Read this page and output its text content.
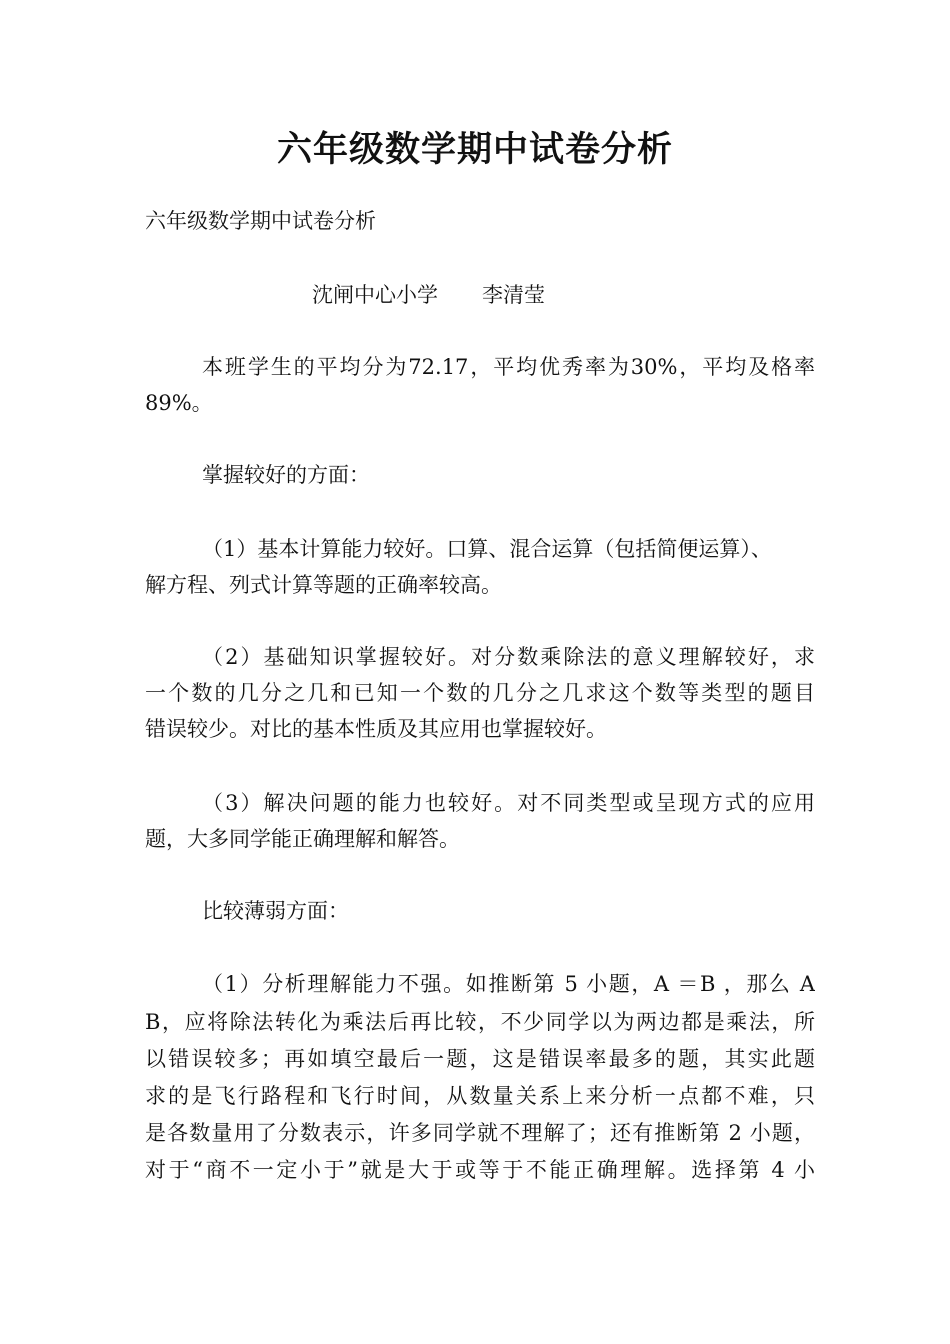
六年级数学期中试卷分析
六年级数学期中试卷分析
沈闸中心小学 李清莹
本班学生的平均分为72.17，平均优秀率为30%，平均及格率
89%。
掌握较好的方面：
（1）基本计算能力较好。口算、混合运算（包括简便运算）、
解方程、列式计算等题的正确率较高。
（2）基础知识掌握较好。对分数乘除法的意义理解较好，求
一个数的几分之几和已知一个数的几分之几求这个数等类型的题目
错误较少。对比的基本性质及其应用也掌握较好。
（3）解决问题的能力也较好。对不同类型或呈现方式的应用
题，大多同学能正确理解和解答。
比较薄弱方面：
（1）分析理解能力不强。如推断第 5 小题，A ＝B ，那么 A
B，应将除法转化为乘法后再比较，不少同学以为两边都是乘法，所
以错误较多；再如填空最后一题，这是错误率最多的题，其实此题
求的是飞行路程和飞行时间，从数量关系上来分析一点都不难，只
是各数量用了分数表示，许多同学就不理解了；还有推断第 2 小题，
对于“商不一定小于”就是大于或等于不能正确理解。选择第 4 小
